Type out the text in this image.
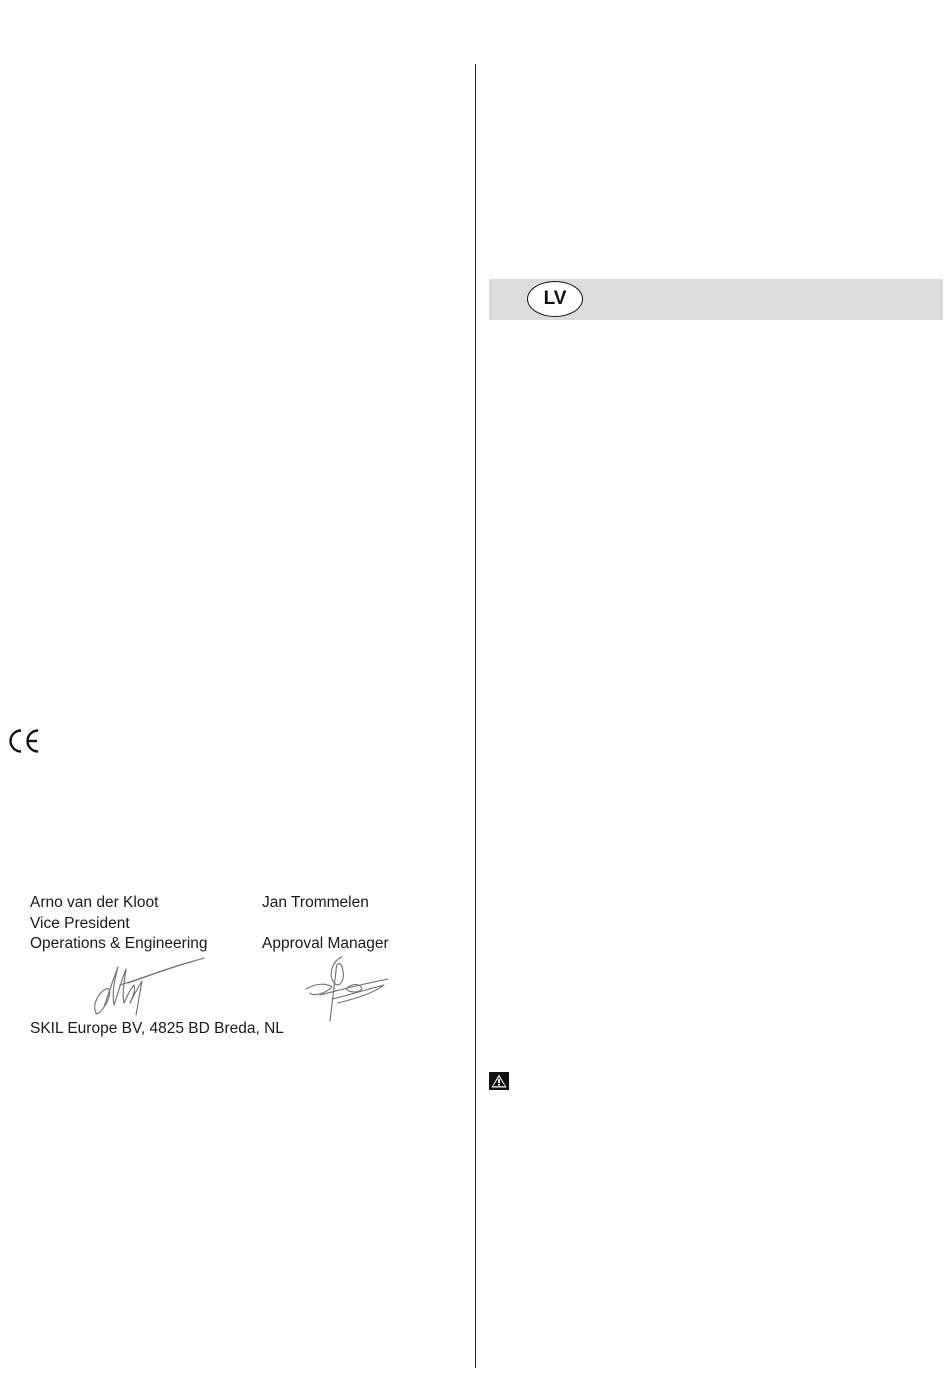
Arno van der Kloot
Vice President
Operations & Engineering
Jan Trommelen
Approval Manager
SKIL Europe BV, 4825 BD Breda, NL
LV
